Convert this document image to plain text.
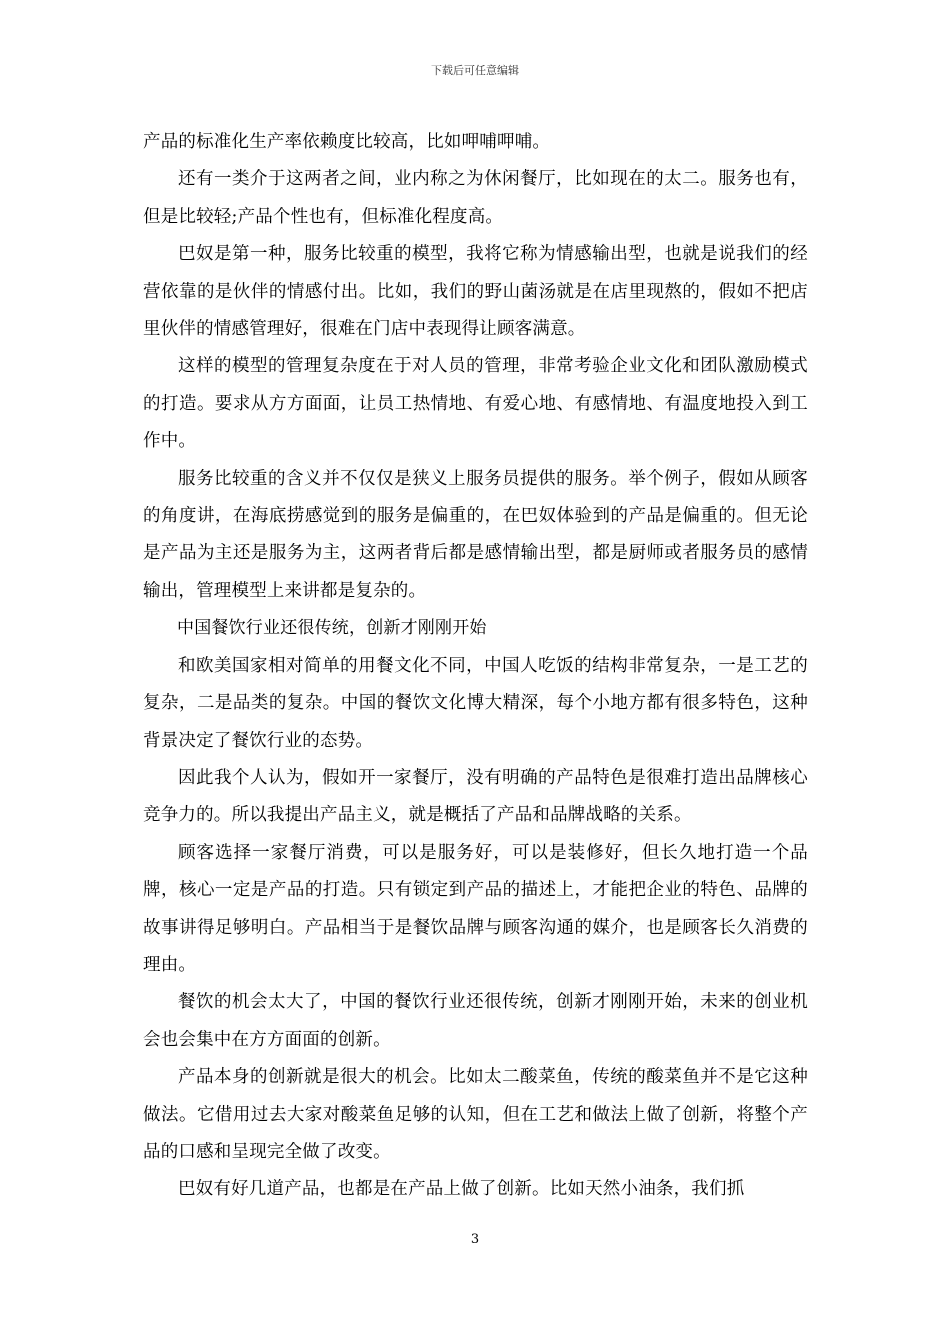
下载后可任意编辑

产品的标准化生产率依赖度比较高，比如呷哺呷哺。

还有一类介于这两者之间，业内称之为休闲餐厅，比如现在的太二。服务也有，但是比较轻;产品个性也有，但标准化程度高。

巴奴是第一种，服务比较重的模型，我将它称为情感输出型，也就是说我们的经营依靠的是伙伴的情感付出。比如，我们的野山菌汤就是在店里现熬的，假如不把店里伙伴的情感管理好，很难在门店中表现得让顾客满意。

这样的模型的管理复杂度在于对人员的管理，非常考验企业文化和团队激励模式的打造。要求从方方面面，让员工热情地、有爱心地、有感情地、有温度地投入到工作中。

服务比较重的含义并不仅仅是狭义上服务员提供的服务。举个例子，假如从顾客的角度讲，在海底捞感觉到的服务是偏重的，在巴奴体验到的产品是偏重的。但无论是产品为主还是服务为主，这两者背后都是感情输出型，都是厨师或者服务员的感情输出，管理模型上来讲都是复杂的。

中国餐饮行业还很传统，创新才刚刚开始

和欧美国家相对简单的用餐文化不同，中国人吃饭的结构非常复杂，一是工艺的复杂，二是品类的复杂。中国的餐饮文化博大精深，每个小地方都有很多特色，这种背景决定了餐饮行业的态势。

因此我个人认为，假如开一家餐厅，没有明确的产品特色是很难打造出品牌核心竞争力的。所以我提出产品主义，就是概括了产品和品牌战略的关系。

顾客选择一家餐厅消费，可以是服务好，可以是装修好，但长久地打造一个品牌，核心一定是产品的打造。只有锁定到产品的描述上，才能把企业的特色、品牌的故事讲得足够明白。产品相当于是餐饮品牌与顾客沟通的媒介，也是顾客长久消费的理由。

餐饮的机会太大了，中国的餐饮行业还很传统，创新才刚刚开始，未来的创业机会也会集中在方方面面的创新。

产品本身的创新就是很大的机会。比如太二酸菜鱼，传统的酸菜鱼并不是它这种做法。它借用过去大家对酸菜鱼足够的认知，但在工艺和做法上做了创新，将整个产品的口感和呈现完全做了改变。

巴奴有好几道产品，也都是在产品上做了创新。比如天然小油条，我们抓

3
